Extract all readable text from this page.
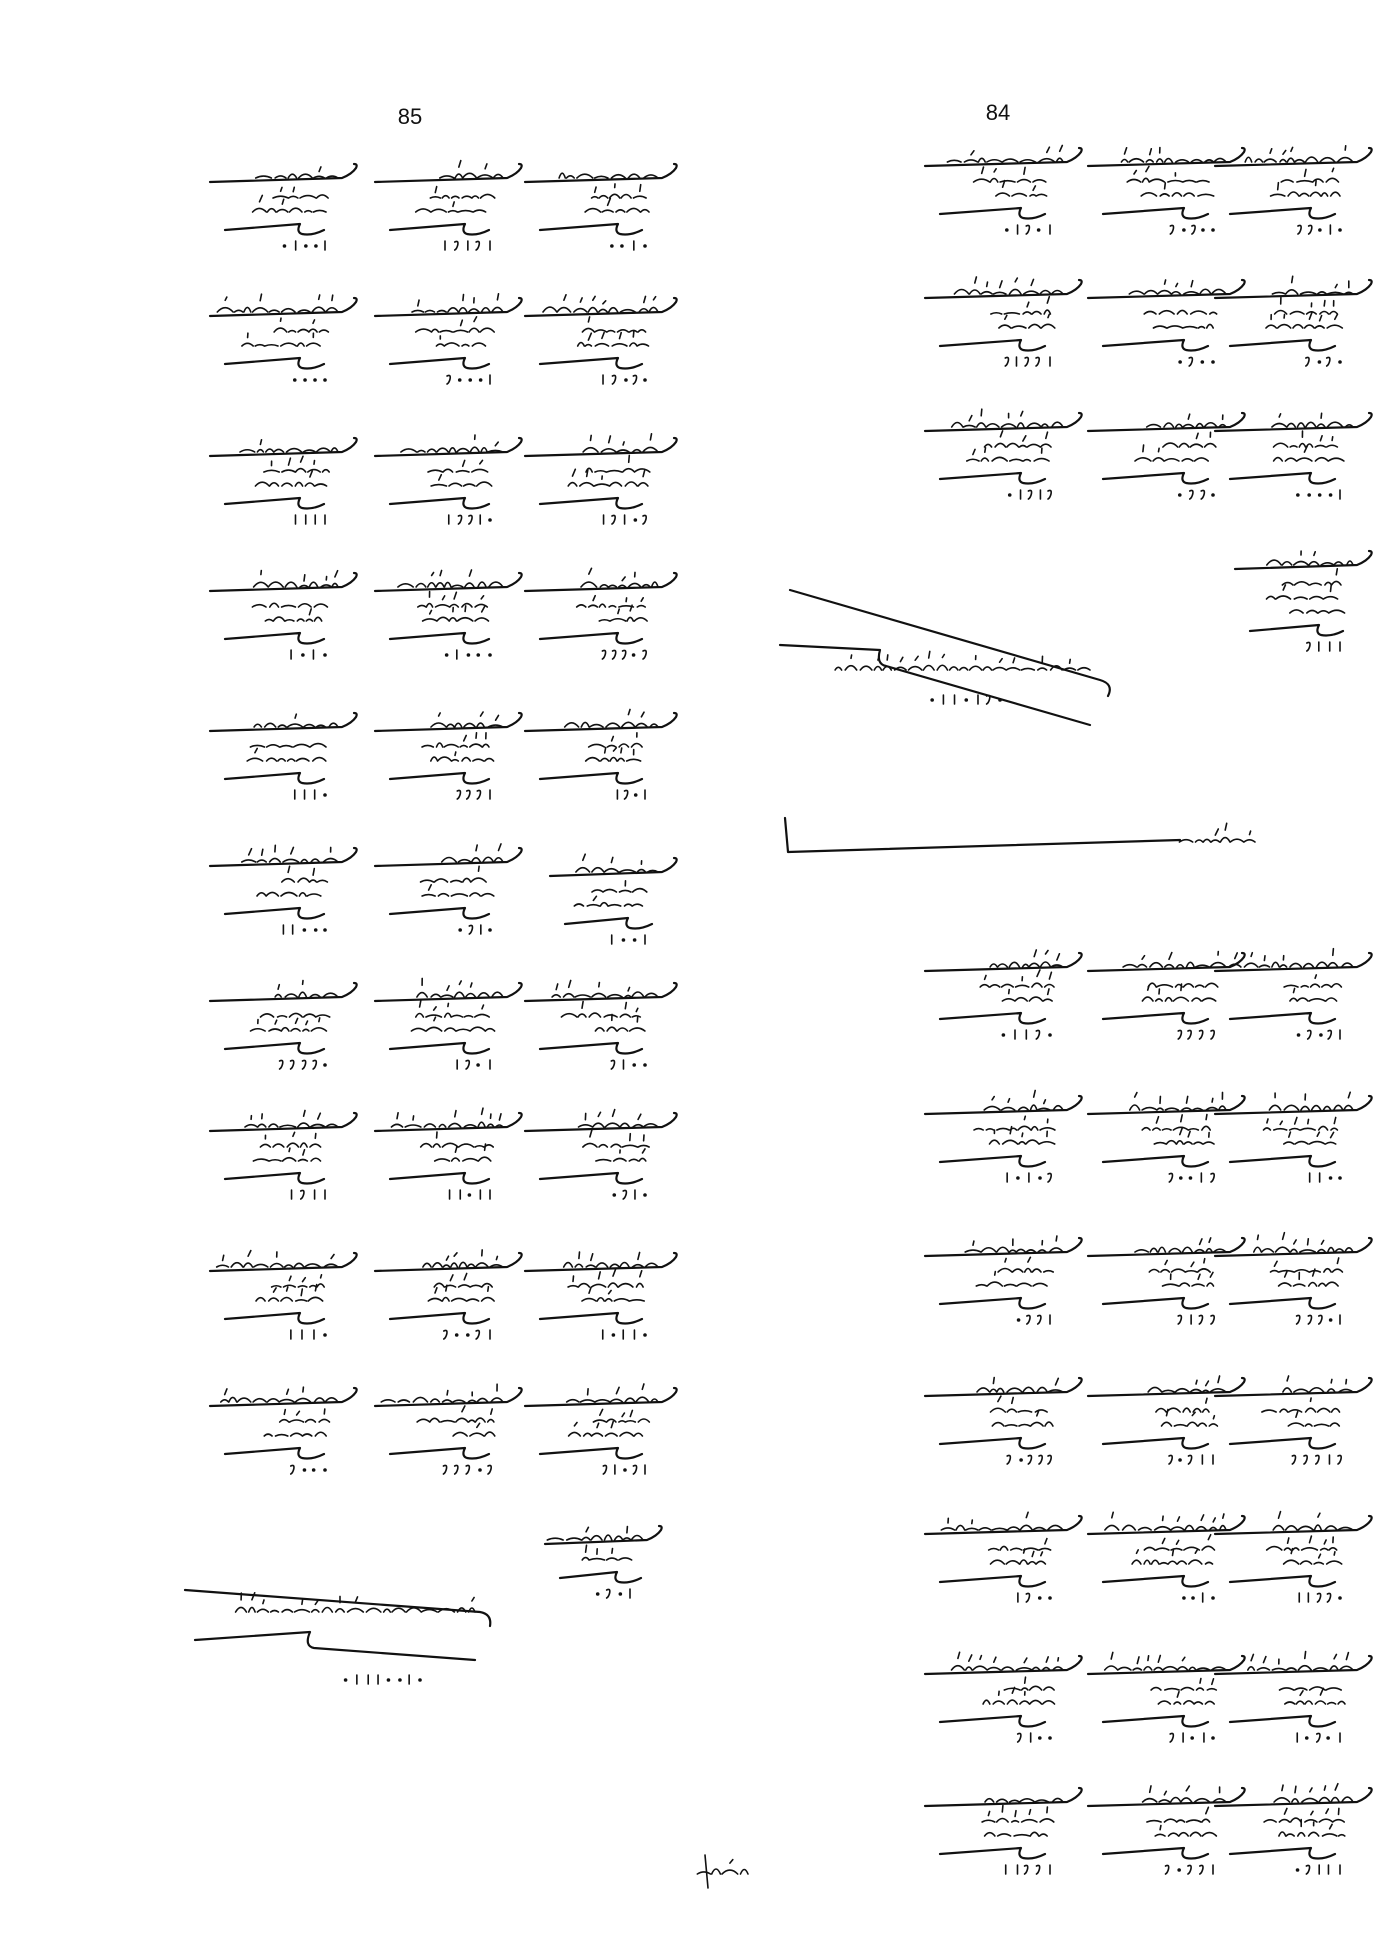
85	84
